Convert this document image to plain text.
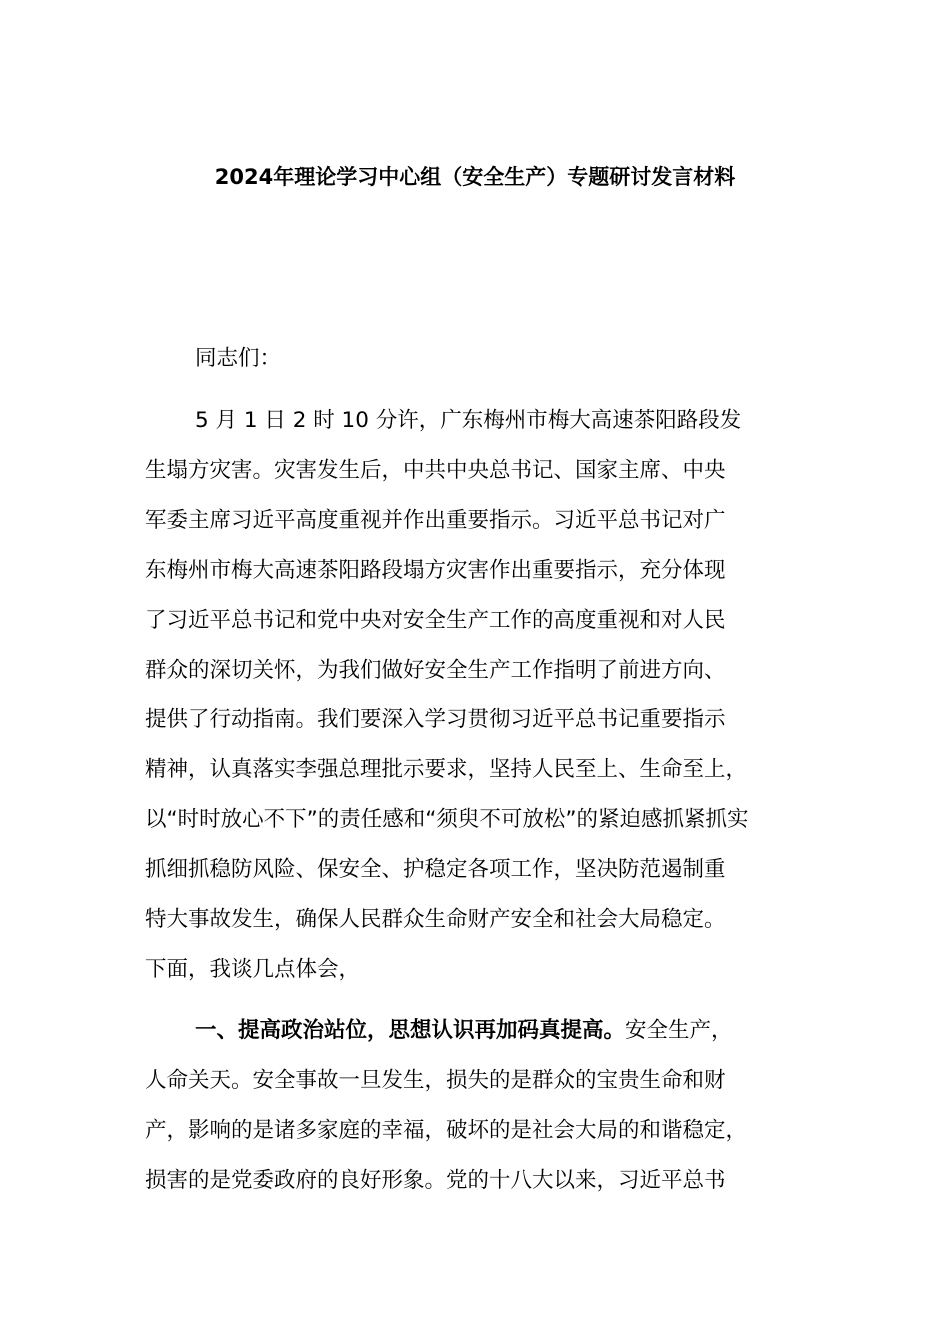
2024年理论学习中心组（安全生产）专题研讨发言材料
同志们：
5 月 1 日 2 时 10 分许，广东梅州市梅大高速茶阳路段发
生塌方灾害。灾害发生后，中共中央总书记、国家主席、中央
军委主席习近平高度重视并作出重要指示。习近平总书记对广
东梅州市梅大高速茶阳路段塌方灾害作出重要指示，充分体现
了习近平总书记和党中央对安全生产工作的高度重视和对人民
群众的深切关怀，为我们做好安全生产工作指明了前进方向、
提供了行动指南。我们要深入学习贯彻习近平总书记重要指示
精神，认真落实李强总理批示要求，坚持人民至上、生命至上，
以“时时放心不下”的责任感和“须臾不可放松”的紧迫感抓紧抓实
抓细抓稳防风险、保安全、护稳定各项工作，坚决防范遏制重
特大事故发生，确保人民群众生命财产安全和社会大局稳定。
下面，我谈几点体会，
一、提高政治站位，思想认识再加码真提高。安全生产，
人命关天。安全事故一旦发生，损失的是群众的宝贵生命和财
产，影响的是诸多家庭的幸福，破坏的是社会大局的和谐稳定，
损害的是党委政府的良好形象。党的十八大以来，习近平总书
